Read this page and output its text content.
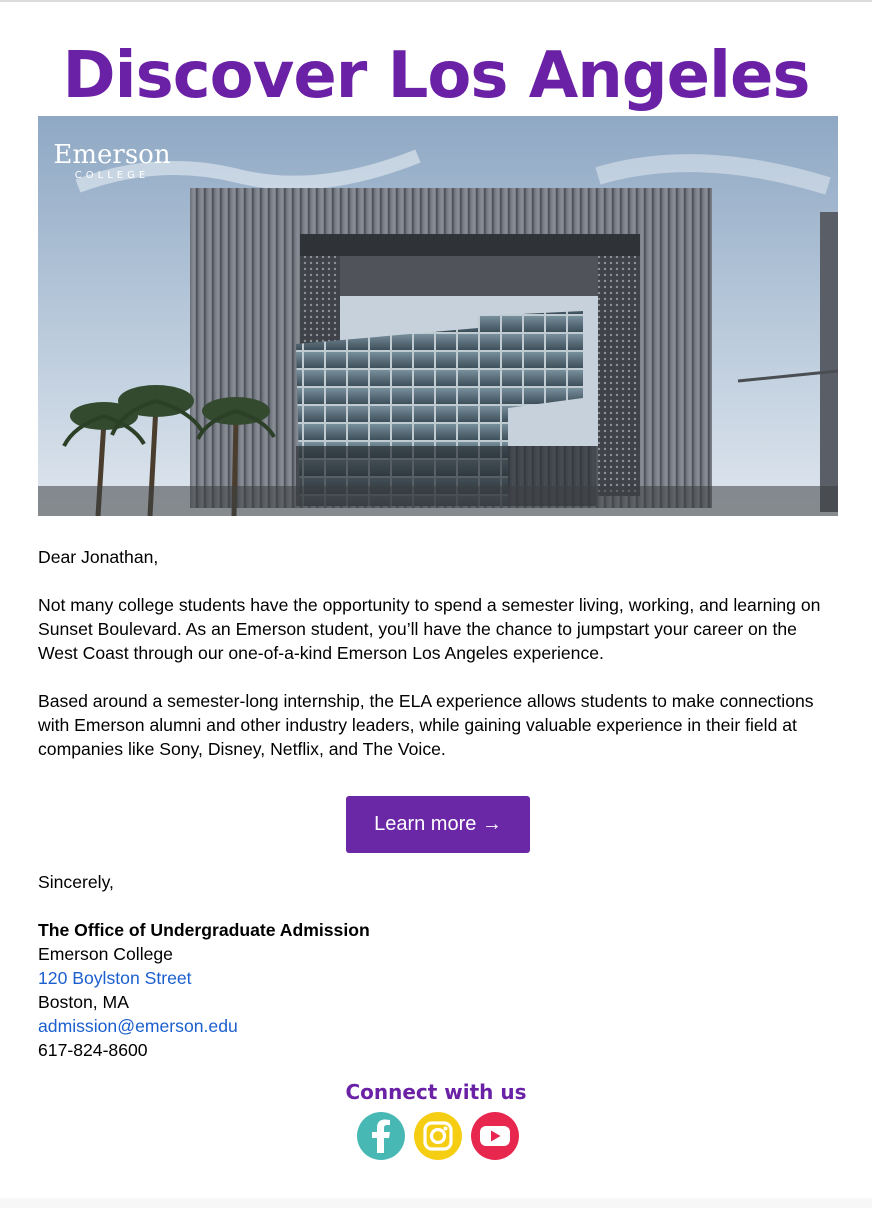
Discover Los Angeles
Emerson
COLLEGE
Dear Jonathan,
Not many college students have the opportunity to spend a semester living, working, and learning on Sunset Boulevard. As an Emerson student, you’ll have the chance to jumpstart your career on the West Coast through our one-of-a-kind Emerson Los Angeles experience.
Based around a semester-long internship, the ELA experience allows students to make connections with Emerson alumni and other industry leaders, while gaining valuable experience in their field at companies like Sony, Disney, Netflix, and The Voice.
Learn more →
Sincerely,
The Office of Undergraduate Admission
Emerson College
120 Boylston Street
Boston, MA
admission@emerson.edu
617-824-8600
Connect with us
